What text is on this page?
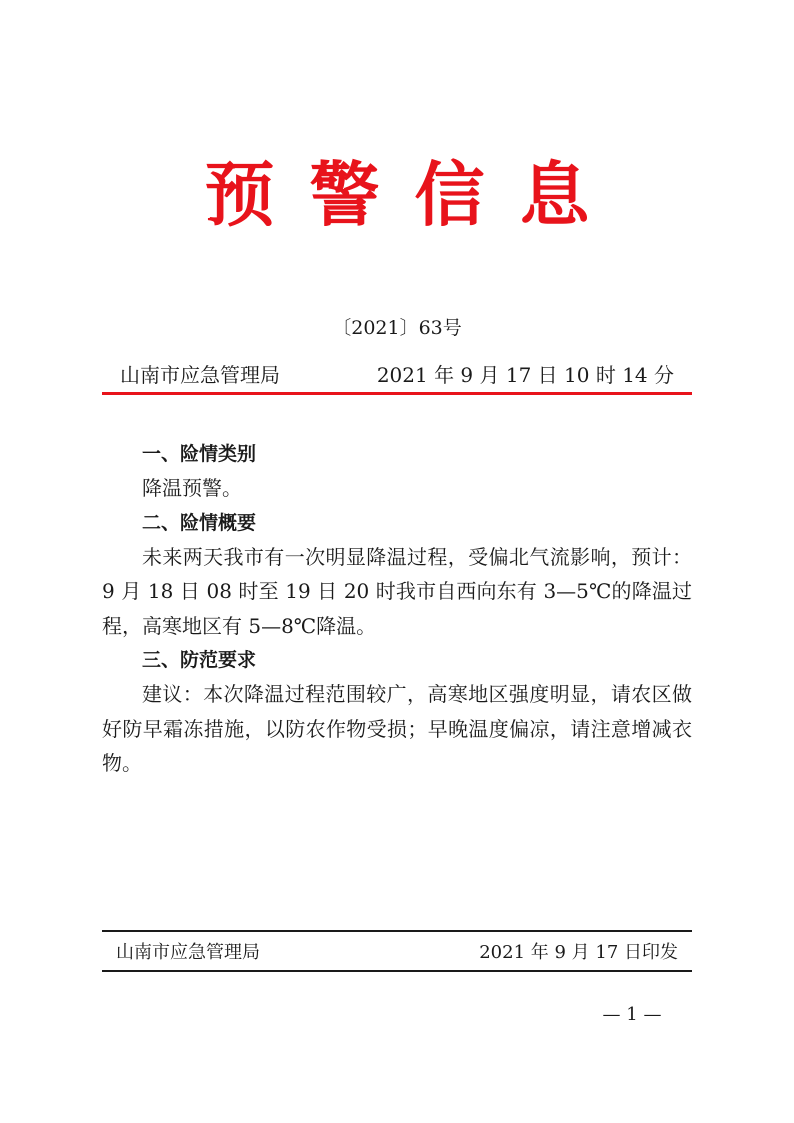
预警信息
〔2021〕63号
山南市应急管理局	2021 年 9 月 17 日 10 时 14 分

一、险情类别

降温预警。

二、险情概要

未来两天我市有一次明显降温过程，受偏北气流影响，预计：9 月 18 日 08 时至 19 日 20 时我市自西向东有 3—5℃的降温过程，高寒地区有 5—8℃降温。

三、防范要求

建议：本次降温过程范围较广，高寒地区强度明显，请农区做好防早霜冻措施，以防农作物受损；早晚温度偏凉，请注意增减衣物。

山南市应急管理局	2021 年 9 月 17 日印发
— 1 —
